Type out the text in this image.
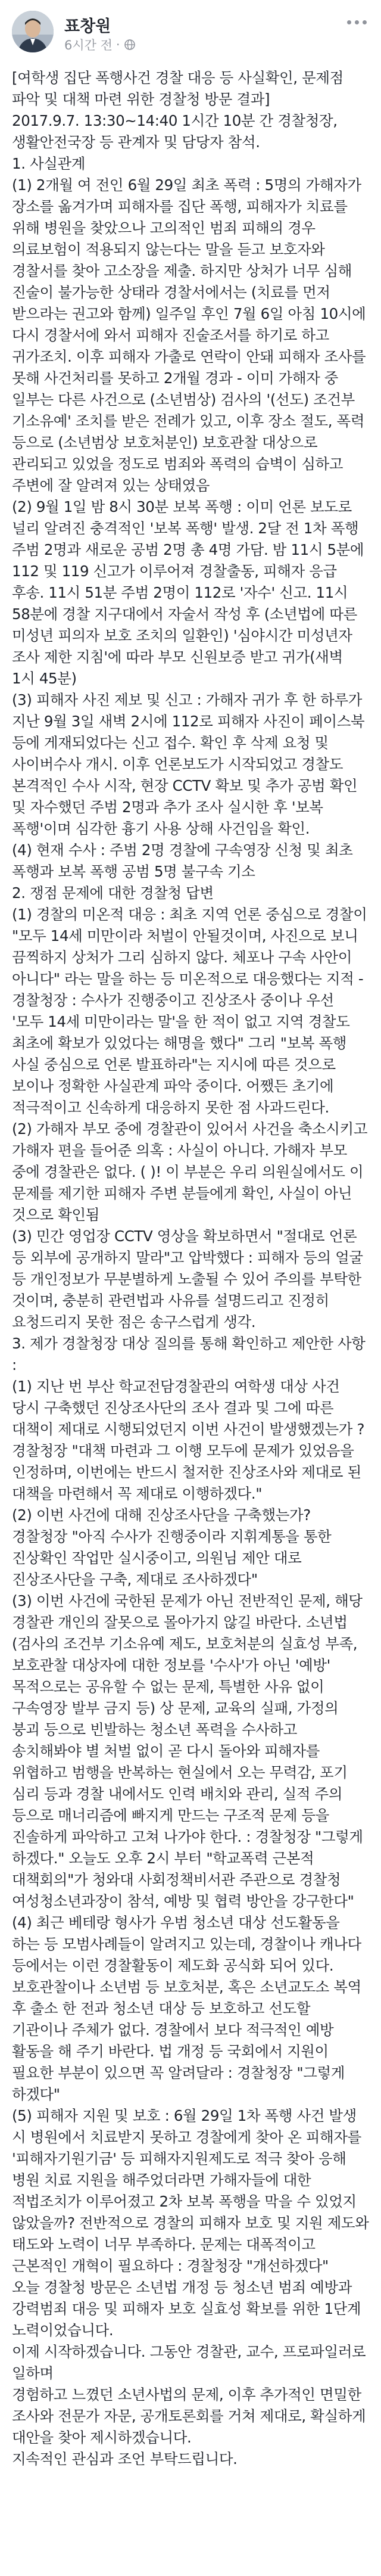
표창원
6시간 전 ·

[여학생 집단 폭행사건 경찰 대응 등 사실확인, 문제점 파악 및 대책 마련 위한 경찰청 방문 결과]

2017.9.7. 13:30~14:40 1시간 10분 간 경찰청장, 생활안전국장 등 관계자 및 담당자 참석.

1. 사실관계

(1) 2개월 여 전인 6월 29일 최초 폭력 : 5명의 가해자가 장소를 옮겨가며 피해자를 집단 폭행, 피해자가 치료를 위해 병원을 찾았으나 고의적인 범죄 피해의 경우 의료보험이 적용되지 않는다는 말을 듣고 보호자와 경찰서를 찾아 고소장을 제출. 하지만 상처가 너무 심해 진술이 불가능한 상태라 경찰서에서는 (치료를 먼저 받으라는 권고와 함께) 일주일 후인 7월 6일 아침 10시에 다시 경찰서에 와서 피해자 진술조서를 하기로 하고 귀가조치. 이후 피해자 가출로 연락이 안돼 피해자 조사를 못해 사건처리를 못하고 2개월 경과 - 이미 가해자 중 일부는 다른 사건으로 (소년범상) 검사의 '(선도) 조건부 기소유예' 조치를 받은 전례가 있고, 이후 장소 절도, 폭력 등으로 (소년범상 보호처분인) 보호관찰 대상으로 관리되고 있었을 정도로 범죄와 폭력의 습벽이 심하고 주변에 잘 알려져 있는 상태였음

(2) 9월 1일 밤 8시 30분 보복 폭행 : 이미 언론 보도로 널리 알려진 충격적인 '보복 폭행' 발생. 2달 전 1차 폭행 주범 2명과 새로운 공범 2명 총 4명 가담. 밤 11시 5분에 112 및 119 신고가 이루어져 경찰출동, 피해자 응급 후송. 11시 51분 주범 2명이 112로 '자수' 신고. 11시 58분에 경찰 지구대에서 자술서 작성 후 (소년법에 따른 미성년 피의자 보호 조치의 일환인) '심야시간 미성년자 조사 제한 지침'에 따라 부모 신원보증 받고 귀가(새벽 1시 45분)

(3) 피해자 사진 제보 및 신고 : 가해자 귀가 후 한 하루가 지난 9월 3일 새벽 2시에 112로 피해자 사진이 페이스북 등에 게재되었다는 신고 접수. 확인 후 삭제 요청 및 사이버수사 개시. 이후 언론보도가 시작되었고 경찰도 본격적인 수사 시작, 현장 CCTV 확보 및 추가 공범 확인 및 자수했던 주범 2명과 추가 조사 실시한 후 '보복 폭행'이며 심각한 흉기 사용 상해 사건임을 확인.

(4) 현재 수사 : 주범 2명 경찰에 구속영장 신청 및 최초 폭행과 보복 폭행 공범 5명 불구속 기소

2. 쟁점 문제에 대한 경찰청 답변

(1) 경찰의 미온적 대응 : 최초 지역 언론 중심으로 경찰이 "모두 14세 미만이라 처벌이 안될것이며, 사진으로 보니 끔찍하지 상처가 그리 심하지 않다. 체포나 구속 사안이 아니다" 라는 말을 하는 등 미온적으로 대응했다는 지적 - 경찰청장 : 수사가 진행중이고 진상조사 중이나 우선 '모두 14세 미만이라는 말'을 한 적이 없고 지역 경찰도 최초에 확보가 있었다는 해명을 했다" 그리 "보복 폭행 사실 중심으로 언론 발표하라"는 지시에 따른 것으로 보이나 정확한 사실관계 파악 중이다. 어쨌든 초기에 적극적이고 신속하게 대응하지 못한 점 사과드린다.

(2) 가해자 부모 중에 경찰관이 있어서 사건을 축소시키고 가해자 편을 들어준 의혹 : 사실이 아니다. 가해자 부모 중에 경찰관은 없다. ( )! 이 부분은 우리 의원실에서도 이 문제를 제기한 피해자 주변 분들에게 확인, 사실이 아닌 것으로 확인됨

(3) 민간 영업장 CCTV 영상을 확보하면서 "절대로 언론 등 외부에 공개하지 말라"고 압박했다 : 피해자 등의 얼굴 등 개인정보가 무분별하게 노출될 수 있어 주의를 부탁한 것이며, 충분히 관련법과 사유를 설명드리고 진정히 요청드리지 못한 점은 송구스럽게 생각.

3. 제가 경찰청장 대상 질의를 통해 확인하고 제안한 사항 :

(1) 지난 번 부산 학교전담경찰관의 여학생 대상 사건 당시 구축했던 진상조사단의 조사 결과 및 그에 따른 대책이 제대로 시행되었던지 이번 사건이 발생했겠는가 ? 경찰청장 "대책 마련과 그 이행 모두에 문제가 있었음을 인정하며, 이번에는 반드시 철저한 진상조사와 제대로 된 대책을 마련해서 꼭 제대로 이행하겠다."

(2) 이번 사건에 대해 진상조사단을 구축했는가? 경찰청장 "아직 수사가 진행중이라 지휘계통을 통한 진상확인 작업만 실시중이고, 의원님 제안 대로 진상조사단을 구축, 제대로 조사하겠다"

(3) 이번 사건에 국한된 문제가 아닌 전반적인 문제, 해당 경찰관 개인의 잘못으로 몰아가지 않길 바란다. 소년법 (검사의 조건부 기소유예 제도, 보호처분의 실효성 부족, 보호관찰 대상자에 대한 정보를 '수사'가 아닌 '예방' 목적으로는 공유할 수 없는 문제, 특별한 사유 없이 구속영장 발부 금지 등) 상 문제, 교육의 실패, 가정의 붕괴 등으로 빈발하는 청소년 폭력을 수사하고 송치해봐야 별 처벌 없이 곧 다시 돌아와 피해자를 위협하고 범행을 반복하는 현실에서 오는 무력감, 포기 심리 등과 경찰 내에서도 인력 배치와 관리, 실적 주의 등으로 매너리즘에 빠지게 만드는 구조적 문제 등을 진솔하게 파악하고 고쳐 나가야 한다. : 경찰청장 "그렇게 하겠다." 오늘도 오후 2시 부터 "학교폭력 근본적 대책회의"가 청와대 사회정책비서관 주관으로 경찰청 여성청소년과장이 참석, 예방 및 협력 방안을 강구한다"

(4) 최근 베테랑 형사가 우범 청소년 대상 선도활동을 하는 등 모범사례들이 알려지고 있는데, 경찰이나 캐나다 등에서는 이런 경찰활동이 제도화 공식화 되어 있다. 보호관찰이나 소년범 등 보호처분, 혹은 소년교도소 복역 후 출소 한 전과 청소년 대상 등 보호하고 선도할 기관이나 주체가 없다. 경찰에서 보다 적극적인 예방 활동을 해 주기 바란다. 법 개정 등 국회에서 지원이 필요한 부분이 있으면 꼭 알려달라 : 경찰청장 "그렇게 하겠다"

(5) 피해자 지원 및 보호 : 6월 29일 1차 폭행 사건 발생 시 병원에서 치료받지 못하고 경찰에게 찾아 온 피해자를 '피해자기원기금' 등 피해자지원제도로 적극 찾아 응해 병원 치료 지원을 해주었더라면 가해자들에 대한 적법조치가 이루어졌고 2차 보복 폭행을 막을 수 있었지 않았을까? 전반적으로 경찰의 피해자 보호 및 지원 제도와 태도와 노력이 너무 부족하다. 문제는 대폭적이고 근본적인 개혁이 필요하다 : 경찰청장 "개선하겠다"

오늘 경찰청 방문은 소년법 개정 등 청소년 범죄 예방과 강력범죄 대응 및 피해자 보호 실효성 확보를 위한 1단계 노력이었습니다.

이제 시작하겠습니다. 그동안 경찰관, 교수, 프로파일러로 일하며

경험하고 느꼈던 소년사법의 문제, 이후 추가적인 면밀한 조사와 전문가 자문, 공개토론회를 거쳐 제대로, 확실하게 대안을 찾아 제시하겠습니다.

지속적인 관심과 조언 부탁드립니다.
